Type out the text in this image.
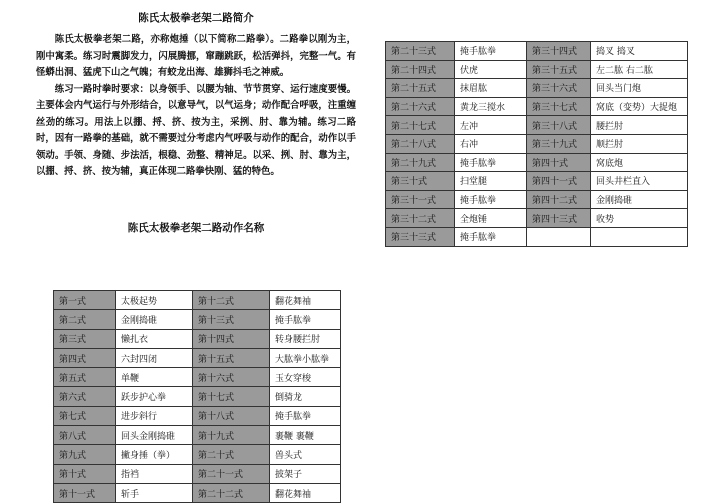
陈氏太极拳老架二路简介

陈氏太极拳老架二路，亦称炮捶（以下简称二路拳）。二路拳以刚为主，刚中寓柔。练习时震脚发力，闪展腾挪，窜蹦跳跃，松活弹抖，完整一气。有怪蟒出洞、猛虎下山之气魄；有蛟龙出海、雄狮抖毛之神威。

练习一路时拳时要求：以身领手、以腰为轴、节节贯穿、运行速度要慢。主要体会内气运行与外形结合，以意导气，以气运身；动作配合呼吸，注重缠丝劲的练习。用法上以掤、捋、挤、按为主，采挒、肘、靠为辅。练习二路时，因有一路拳的基础，就不需要过分考虑内气呼吸与动作的配合，动作以手领动。手领、身随、步法活，根稳、劲整、精神足。以采、挒、肘、靠为主，以掤、捋、挤、按为辅，真正体现二路拳快刚、猛的特色。

陈氏太极拳老架二路动作名称

第一式	太极起势	第十二式	翻花舞袖
第二式	金刚捣碓	第十三式	掩手肱拳
第三式	懒扎衣	第十四式	转身腰拦肘
第四式	六封四闭	第十五式	大肱拳小肱拳
第五式	单鞭	第十六式	玉女穿梭
第六式	跃步护心拳	第十七式	倒骑龙
第七式	进步斜行	第十八式	掩手肱拳
第八式	回头金刚捣碓	第十九式	裹鞭 裹鞭
第九式	撇身捶（拳）	第二十式	兽头式
第十式	指裆	第二十一式	披架子
第十一式	斩手	第二十二式	翻花舞袖
第二十三式	掩手肱拳	第三十四式	捣叉 捣叉
第二十四式	伏虎	第三十五式	左二肱 右二肱
第二十五式	抹眉肱	第三十六式	回头当门炮
第二十六式	黄龙三搅水	第三十七式	窝底（变势）大捉炮
第二十七式	左冲	第三十八式	腰拦肘
第二十八式	右冲	第三十九式	顺拦肘
第二十九式	掩手肱拳	第四十式	窝底炮
第三十式	扫堂腿	第四十一式	回头井栏直入
第三十一式	掩手肱拳	第四十二式	金刚捣碓
第三十二式	全炮锤	第四十三式	收势
第三十三式	掩手肱拳		
